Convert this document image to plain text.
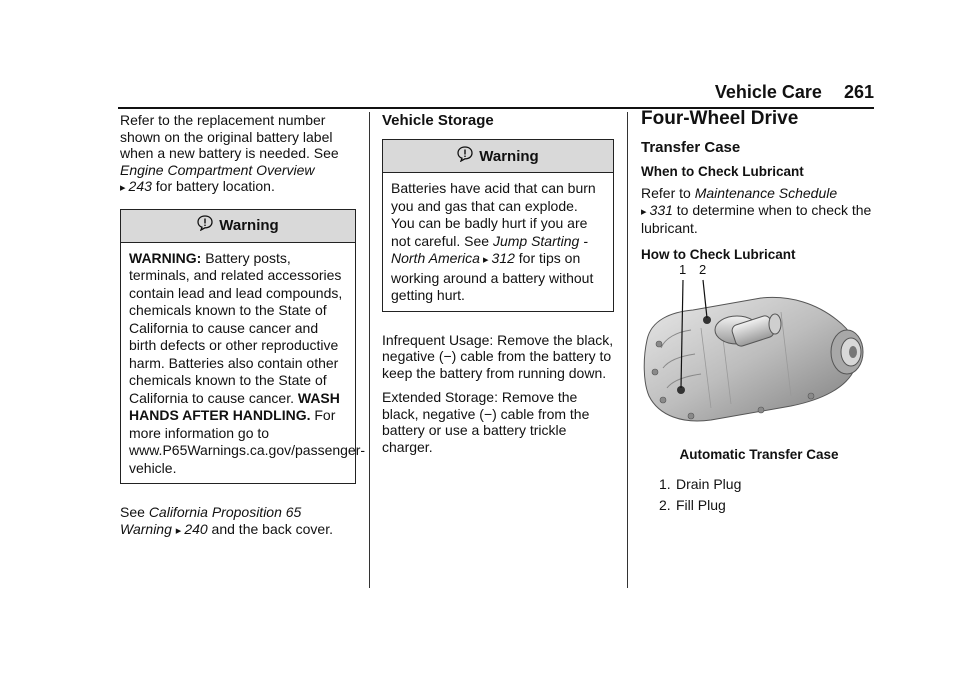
Vehicle Care 261

Refer to the replacement number shown on the original battery label when a new battery is needed. See Engine Compartment Overview
▸ 243 for battery location.

Warning

WARNING: Battery posts, terminals, and related accessories contain lead and lead compounds, chemicals known to the State of California to cause cancer and birth defects or other reproductive harm. Batteries also contain other chemicals known to the State of California to cause cancer. WASH HANDS AFTER HANDLING. For more information go to www.P65Warnings.ca.gov/passenger-vehicle.

See California Proposition 65 Warning ▸ 240 and the back cover.

Vehicle Storage
Warning

Batteries have acid that can burn you and gas that can explode. You can be badly hurt if you are not careful. See Jump Starting - North America ▸ 312 for tips on working around a battery without getting hurt.

Infrequent Usage: Remove the black, negative (−) cable from the battery to keep the battery from running down.

Extended Storage: Remove the black, negative (−) cable from the battery or use a battery trickle charger.

Four-Wheel Drive
Transfer Case
When to Check Lubricant

Refer to Maintenance Schedule
▸ 331 to determine when to check the lubricant.

How to Check Lubricant
1 2
Automatic Transfer Case
1. Drain Plug
2. Fill Plug
